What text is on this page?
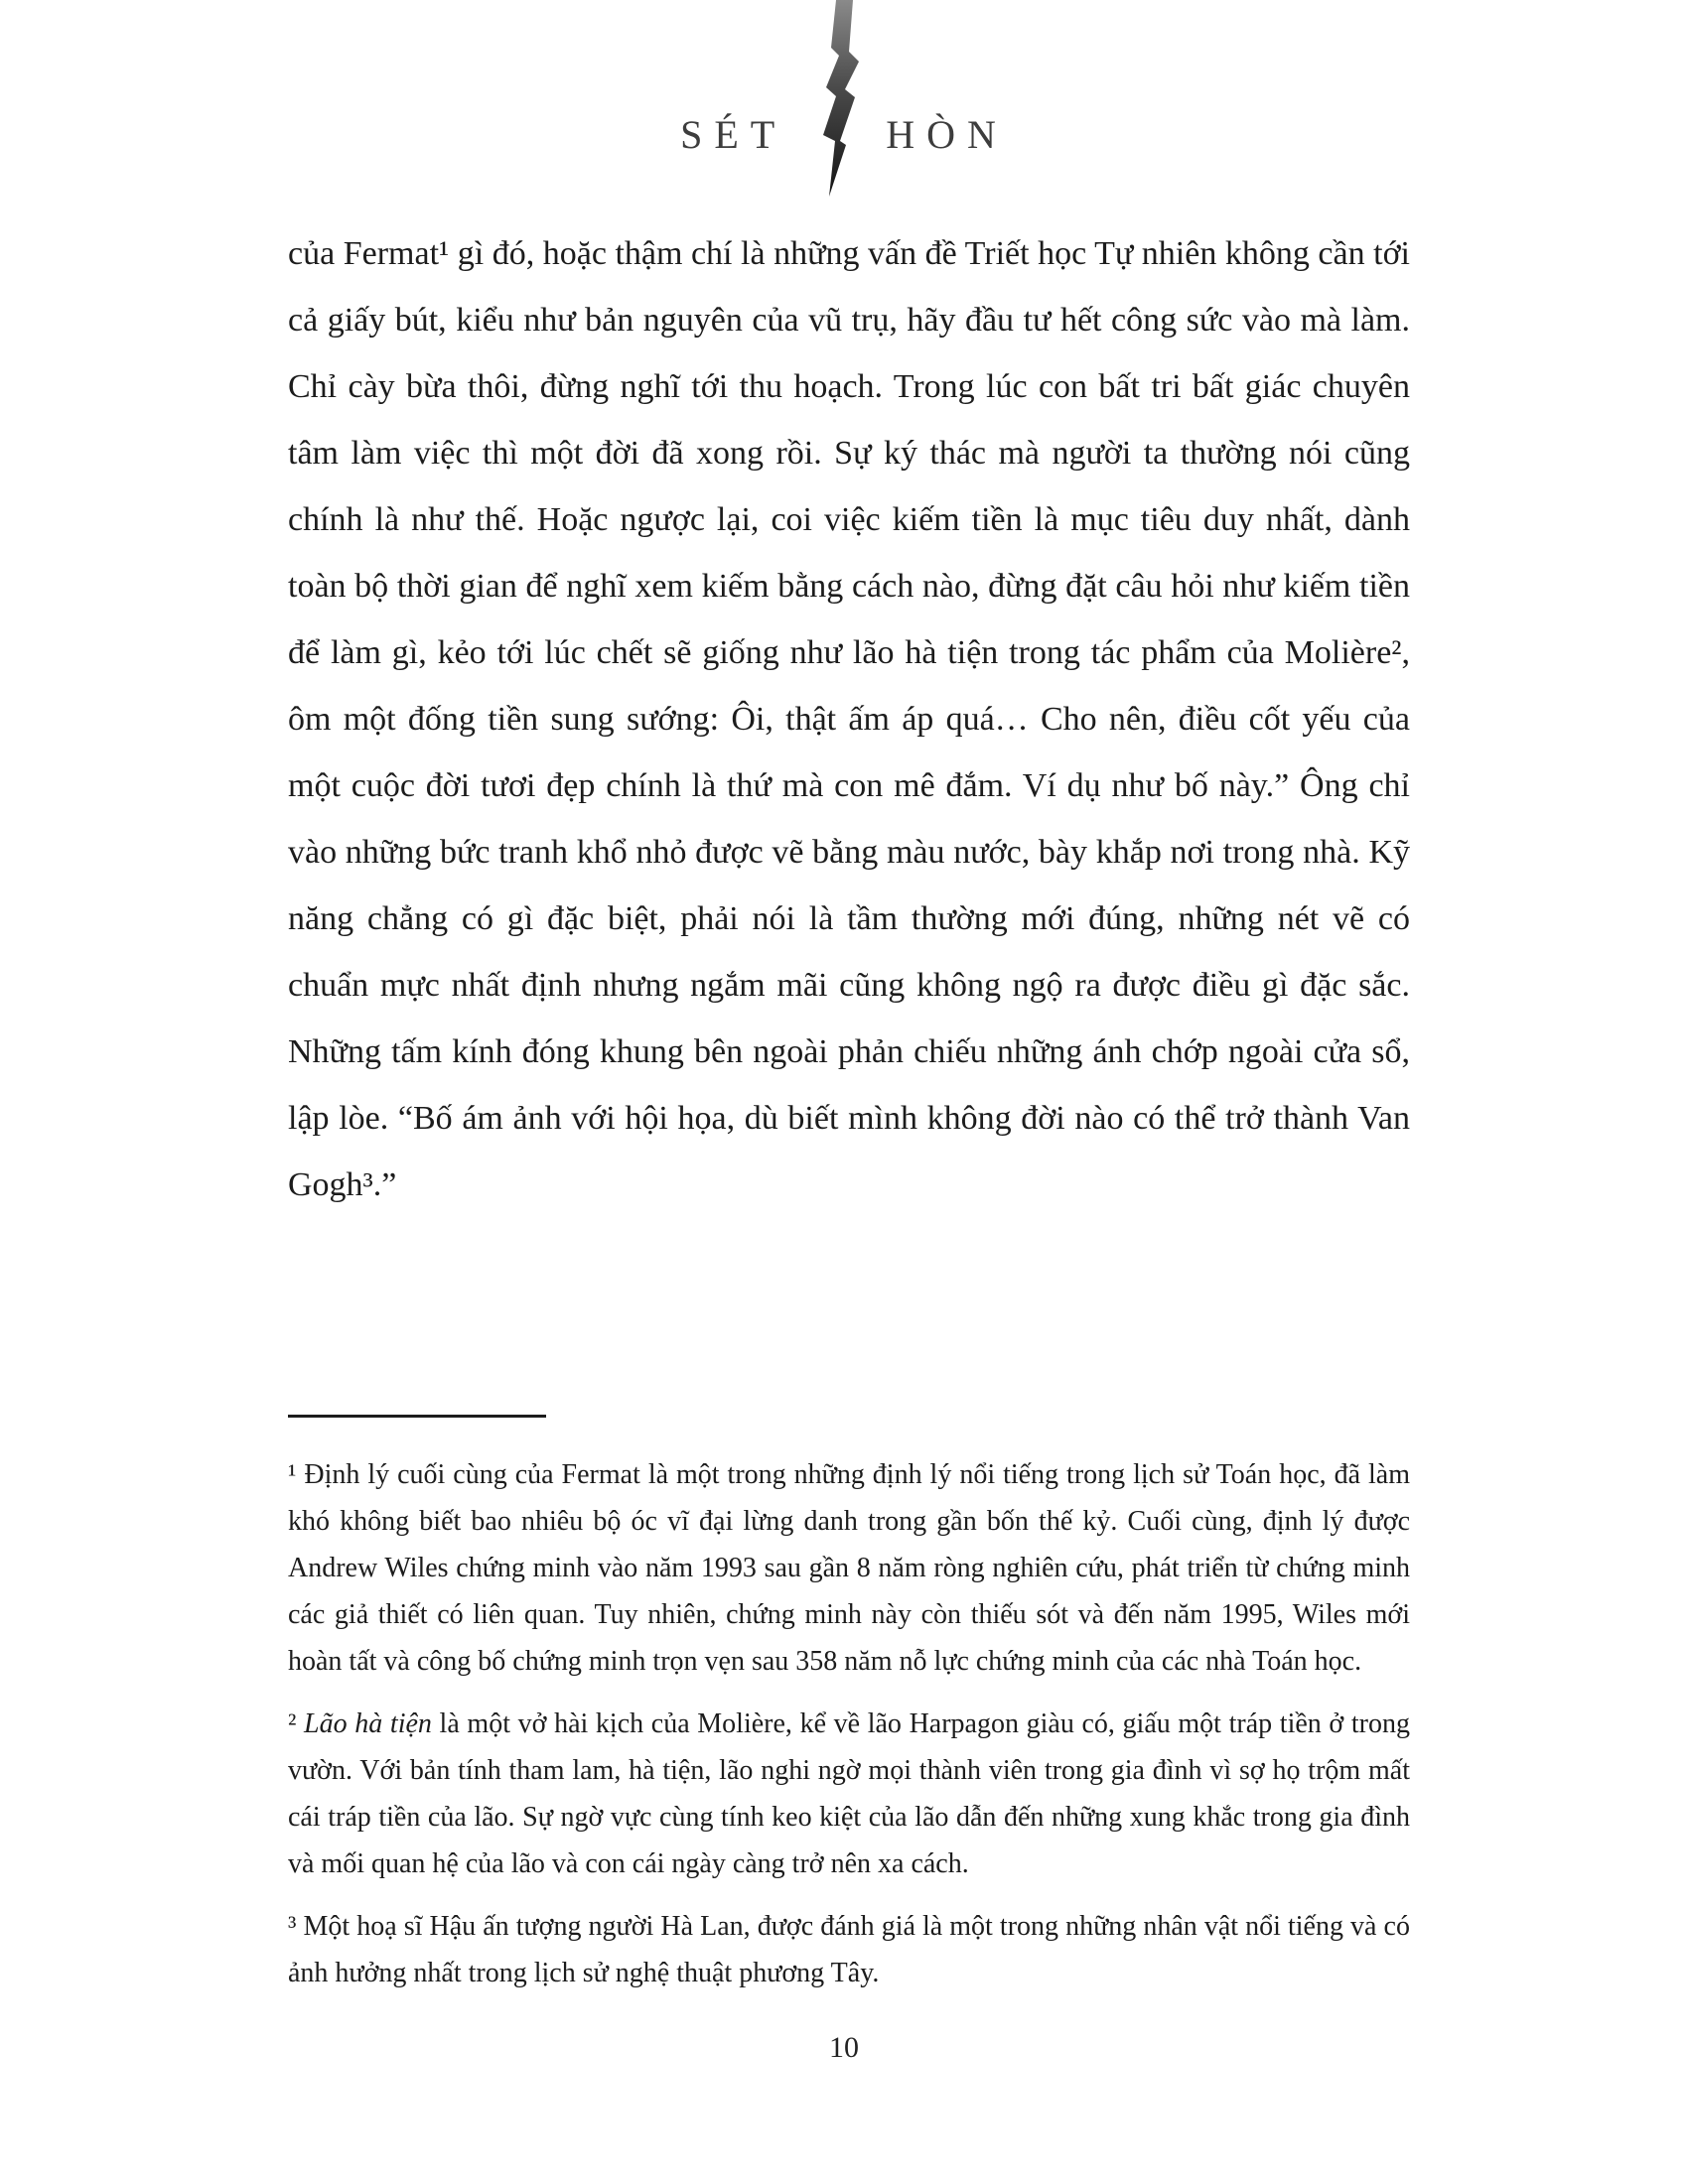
SÉT	HÒN

của Fermat¹ gì đó, hoặc thậm chí là những vấn đề Triết học Tự nhiên không cần tới cả giấy bút, kiểu như bản nguyên của vũ trụ, hãy đầu tư hết công sức vào mà làm. Chỉ cày bừa thôi, đừng nghĩ tới thu hoạch. Trong lúc con bất tri bất giác chuyên tâm làm việc thì một đời đã xong rồi. Sự ký thác mà người ta thường nói cũng chính là như thế. Hoặc ngược lại, coi việc kiếm tiền là mục tiêu duy nhất, dành toàn bộ thời gian để nghĩ xem kiếm bằng cách nào, đừng đặt câu hỏi như kiếm tiền để làm gì, kẻo tới lúc chết sẽ giống như lão hà tiện trong tác phẩm của Molière², ôm một đống tiền sung sướng: Ôi, thật ấm áp quá… Cho nên, điều cốt yếu của một cuộc đời tươi đẹp chính là thứ mà con mê đắm. Ví dụ như bố này.” Ông chỉ vào những bức tranh khổ nhỏ được vẽ bằng màu nước, bày khắp nơi trong nhà. Kỹ năng chẳng có gì đặc biệt, phải nói là tầm thường mới đúng, những nét vẽ có chuẩn mực nhất định nhưng ngắm mãi cũng không ngộ ra được điều gì đặc sắc. Những tấm kính đóng khung bên ngoài phản chiếu những ánh chớp ngoài cửa sổ, lập lòe. “Bố ám ảnh với hội họa, dù biết mình không đời nào có thể trở thành Van Gogh³.”

¹ Định lý cuối cùng của Fermat là một trong những định lý nổi tiếng trong lịch sử Toán học, đã làm khó không biết bao nhiêu bộ óc vĩ đại lừng danh trong gần bốn thế kỷ. Cuối cùng, định lý được Andrew Wiles chứng minh vào năm 1993 sau gần 8 năm ròng nghiên cứu, phát triển từ chứng minh các giả thiết có liên quan. Tuy nhiên, chứng minh này còn thiếu sót và đến năm 1995, Wiles mới hoàn tất và công bố chứng minh trọn vẹn sau 358 năm nỗ lực chứng minh của các nhà Toán học.

² Lão hà tiện là một vở hài kịch của Molière, kể về lão Harpagon giàu có, giấu một tráp tiền ở trong vườn. Với bản tính tham lam, hà tiện, lão nghi ngờ mọi thành viên trong gia đình vì sợ họ trộm mất cái tráp tiền của lão. Sự ngờ vực cùng tính keo kiệt của lão dẫn đến những xung khắc trong gia đình và mối quan hệ của lão và con cái ngày càng trở nên xa cách.

³ Một hoạ sĩ Hậu ấn tượng người Hà Lan, được đánh giá là một trong những nhân vật nổi tiếng và có ảnh hưởng nhất trong lịch sử nghệ thuật phương Tây.

10
